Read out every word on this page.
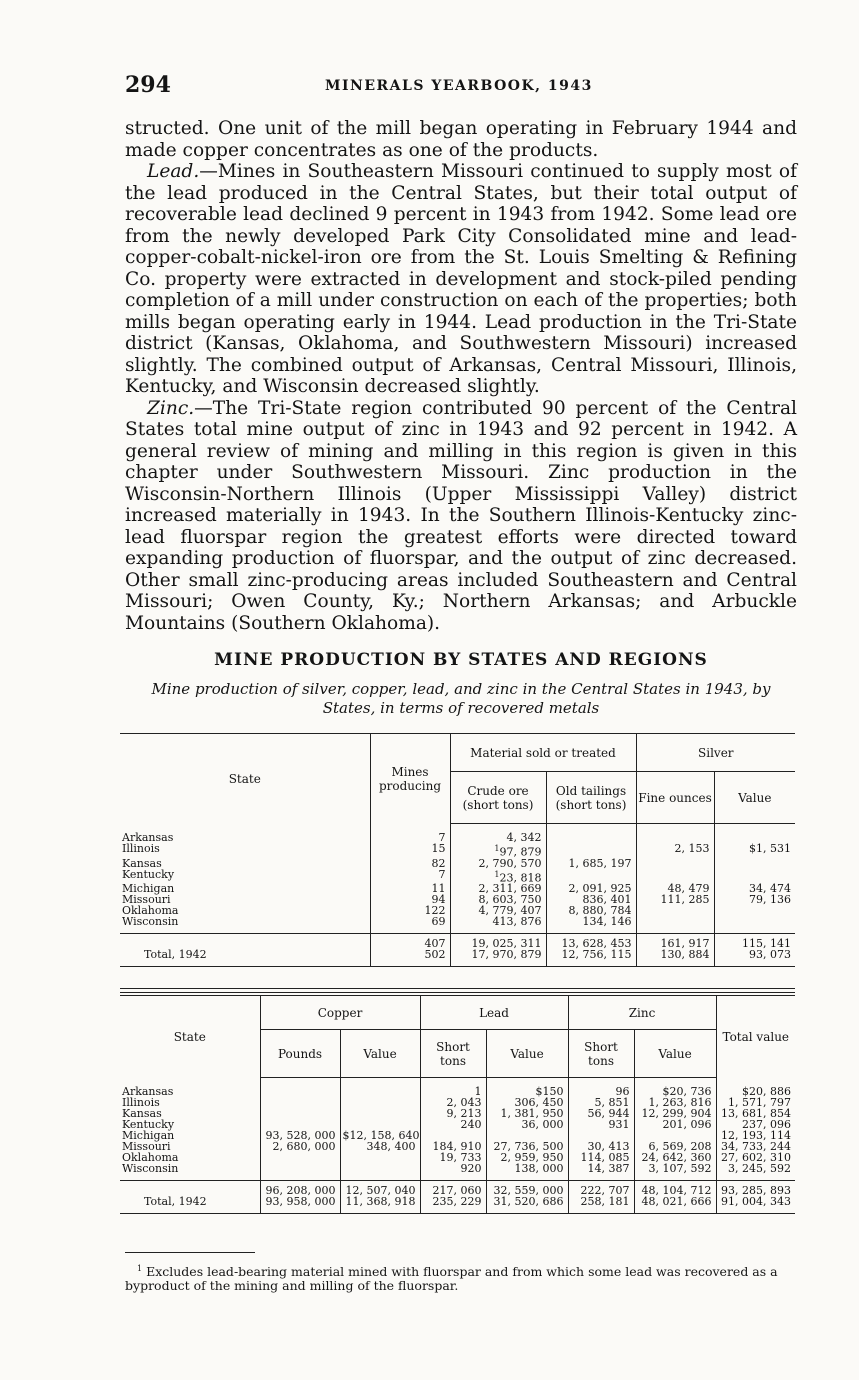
294	MINERALS YEARBOOK, 1943

structed. One unit of the mill began operating in February 1944 and made copper concentrates as one of the products.

Lead.—Mines in Southeastern Missouri continued to supply most of the lead produced in the Central States, but their total output of recoverable lead declined 9 percent in 1943 from 1942. Some lead ore from the newly developed Park City Consolidated mine and lead-copper-cobalt-nickel-iron ore from the St. Louis Smelting & Refining Co. property were extracted in development and stock-piled pending completion of a mill under construction on each of the properties; both mills began operating early in 1944. Lead production in the Tri-State district (Kansas, Oklahoma, and Southwestern Missouri) increased slightly. The combined output of Arkansas, Central Missouri, Illinois, Kentucky, and Wisconsin decreased slightly.

Zinc.—The Tri-State region contributed 90 percent of the Central States total mine output of zinc in 1943 and 92 percent in 1942. A general review of mining and milling in this region is given in this chapter under Southwestern Missouri. Zinc production in the Wisconsin-Northern Illinois (Upper Mississippi Valley) district increased materially in 1943. In the Southern Illinois-Kentucky zinc-lead fluorspar region the greatest efforts were directed toward expanding production of fluorspar, and the output of zinc decreased. Other small zinc-producing areas included Southeastern and Central Missouri; Owen County, Ky.; Northern Arkansas; and Arbuckle Mountains (Southern Oklahoma).

MINE PRODUCTION BY STATES AND REGIONS
Mine production of silver, copper, lead, and zinc in the Central States in 1943, by States, in terms of recovered metals
State	Mines producing	Material sold or treated		Silver	
		Crude ore (short tons)	Old tailings (short tons)	Fine ounces	Value
Arkansas	7	4, 342			
Illinois	15	$^1$97, 879		2, 153	$1, 531
Kansas	82	2, 790, 570	1, 685, 197		
Kentucky	7	$^1$23, 818			
Michigan	11	2, 311, 669	2, 091, 925	48, 479	34, 474
Missouri	94	8, 603, 750	836, 401	111, 285	79, 136
Oklahoma	122	4, 779, 407	8, 880, 784		
Wisconsin	69	413, 876	134, 146		
	407	19, 025, 311	13, 628, 453	161, 917	115, 141
Total, 1942	502	17, 970, 879	12, 756, 115	130, 884	93, 073
State	Copper		Lead		Zinc		Total value
	Pounds	Value	Short tons	Value	Short tons	Value	
Arkansas			1	$150	96	$20, 736	$20, 886
Illinois			2, 043	306, 450	5, 851	1, 263, 816	1, 571, 797
Kansas			9, 213	1, 381, 950	56, 944	12, 299, 904	13, 681, 854
Kentucky			240	36, 000	931	201, 096	237, 096
Michigan	93, 528, 000	$12, 158, 640					12, 193, 114
Missouri	2, 680, 000	348, 400	184, 910	27, 736, 500	30, 413	6, 569, 208	34, 733, 244
Oklahoma			19, 733	2, 959, 950	114, 085	24, 642, 360	27, 602, 310
Wisconsin			920	138, 000	14, 387	3, 107, 592	3, 245, 592
	96, 208, 000	12, 507, 040	217, 060	32, 559, 000	222, 707	48, 104, 712	93, 285, 893
Total, 1942	93, 958, 000	11, 368, 918	235, 229	31, 520, 686	258, 181	48, 021, 666	91, 004, 343
$^1$ Excludes lead-bearing material mined with fluorspar and from which some lead was recovered as a byproduct of the mining and milling of the fluorspar.
